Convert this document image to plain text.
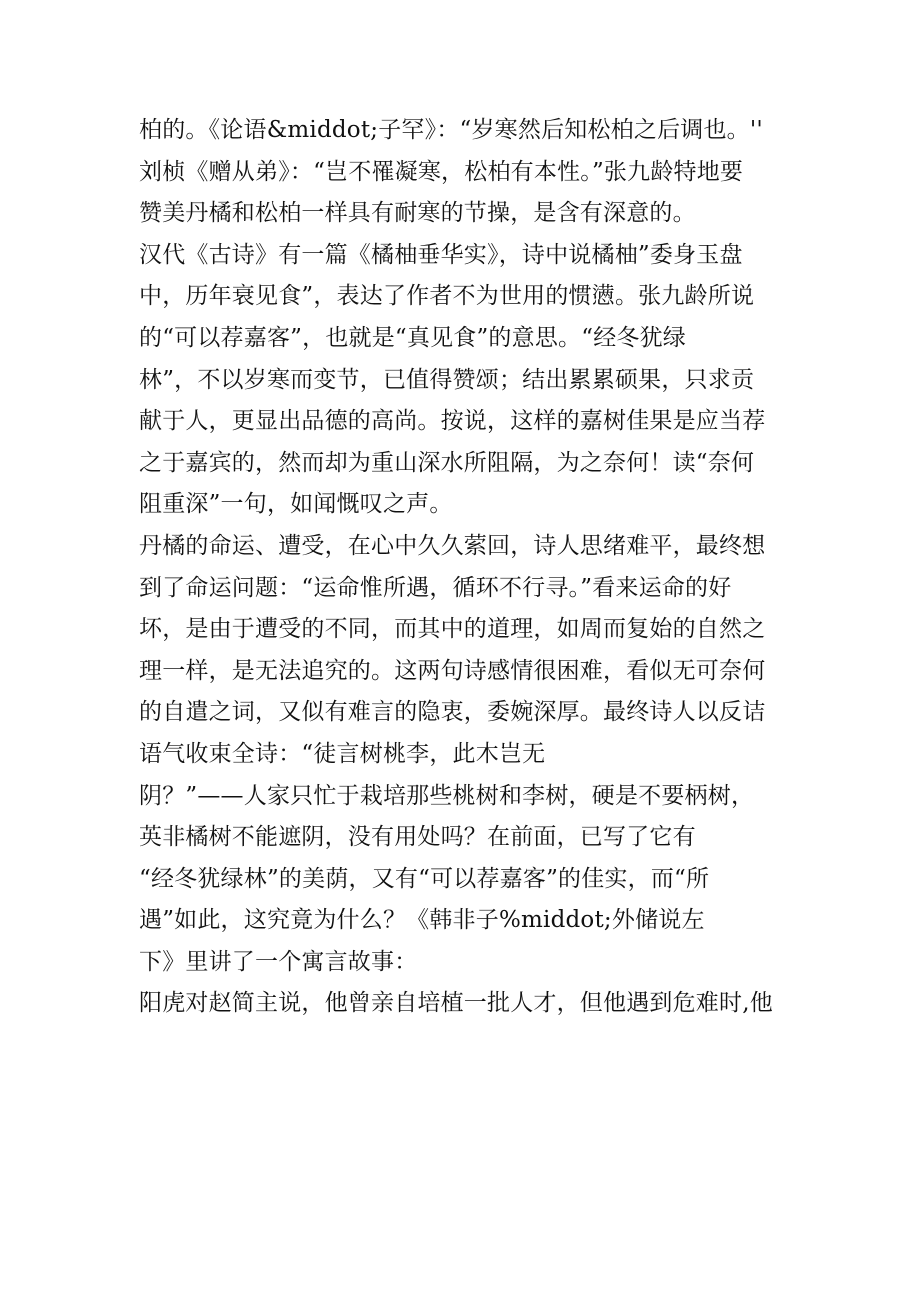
柏的。《论语&middot;子罕》：“岁寒然后知松柏之后调也。''
刘桢《赠从弟》：“岂不罹凝寒，松柏有本性。”张九龄特地要
赞美丹橘和松柏一样具有耐寒的节操，是含有深意的。
汉代《古诗》有一篇《橘柚垂华实》，诗中说橘柚”委身玉盘
中，历年衰见食”，表达了作者不为世用的惯懑。张九龄所说
的“可以荐嘉客”，也就是“真见食”的意思。“经冬犹绿
林”，不以岁寒而变节，已值得赞颂；结出累累硕果，只求贡
献于人，更显出品德的高尚。按说，这样的嘉树佳果是应当荐
之于嘉宾的，然而却为重山深水所阻隔，为之奈何！读“奈何
阻重深”一句，如闻慨叹之声。
丹橘的命运、遭受，在心中久久萦回，诗人思绪难平，最终想
到了命运问题：“运命惟所遇，循环不行寻。”看来运命的好
坏，是由于遭受的不同，而其中的道理，如周而复始的自然之
理一样，是无法追究的。这两句诗感情很困难，看似无可奈何
的自遣之词，又似有难言的隐衷，委婉深厚。最终诗人以反诘
语气收束全诗：“徒言树桃李，此木岂无
阴？”——人家只忙于栽培那些桃树和李树，硬是不要柄树，
英非橘树不能遮阴，没有用处吗？在前面，已写了它有
“经冬犹绿林”的美荫，又有“可以荐嘉客”的佳实，而“所
遇”如此，这究竟为什么？《韩非子%middot;外储说左
下》里讲了一个寓言故事：
阳虎对赵简主说，他曾亲自培植一批人才，但他遇到危难时,他
